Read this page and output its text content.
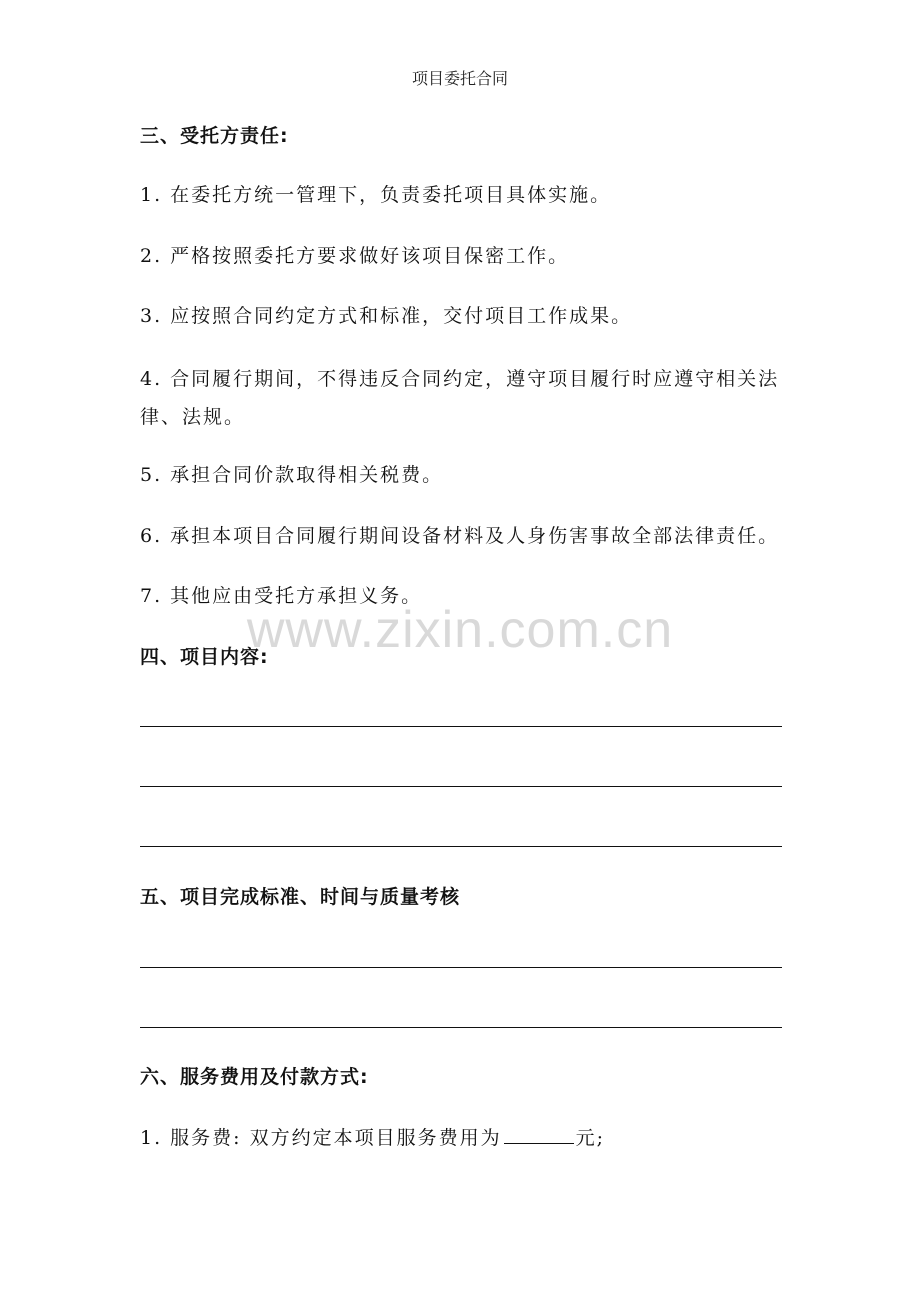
项目委托合同
www.zixin.com.cn
三、受托方责任:
1. 在委托方统一管理下，负责委托项目具体实施。
2. 严格按照委托方要求做好该项目保密工作。
3. 应按照合同约定方式和标准，交付项目工作成果。
4. 合同履行期间，不得违反合同约定，遵守项目履行时应遵守相关法律、法规。
5. 承担合同价款取得相关税费。
6. 承担本项目合同履行期间设备材料及人身伤害事故全部法律责任。
7. 其他应由受托方承担义务。
四、项目内容:
五、项目完成标准、时间与质量考核
六、服务费用及付款方式:
1. 服务费: 双方约定本项目服务费用为	元;
